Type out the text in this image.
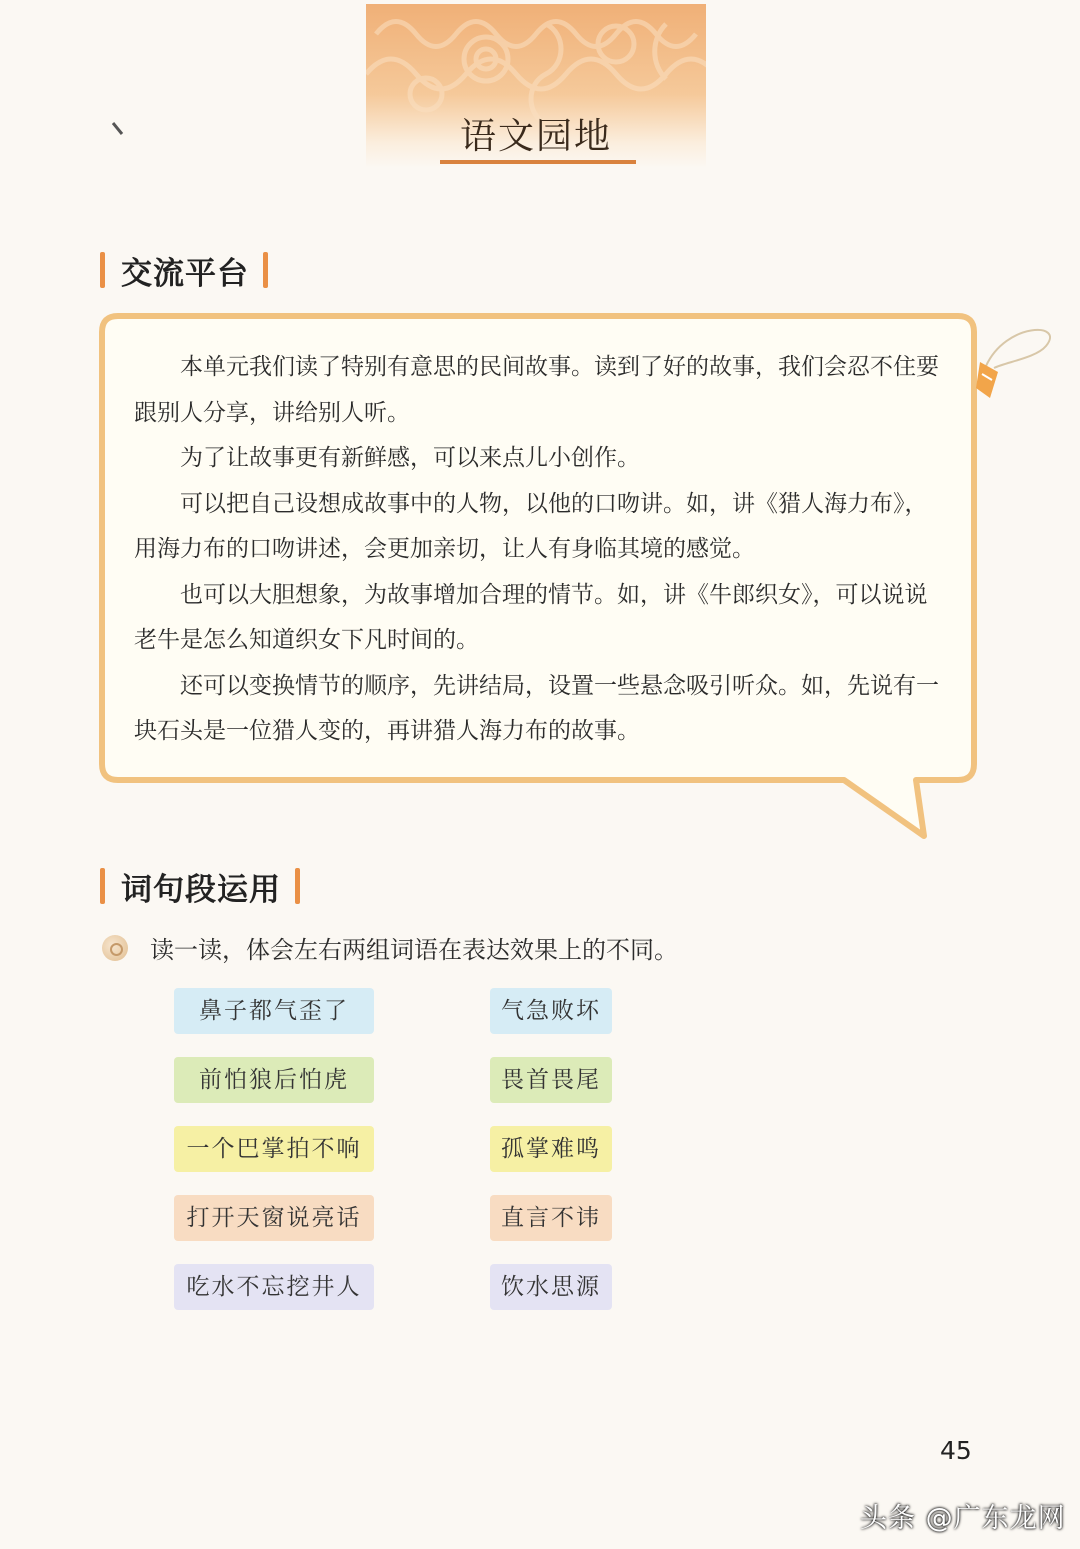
语文园地
交流平台

本单元我们读了特别有意思的民间故事。读到了好的故事，我们会忍不住要跟别人分享，讲给别人听。

为了让故事更有新鲜感，可以来点儿小创作。

可以把自己设想成故事中的人物，以他的口吻讲。如，讲《猎人海力布》，用海力布的口吻讲述，会更加亲切，让人有身临其境的感觉。

也可以大胆想象，为故事增加合理的情节。如，讲《牛郎织女》，可以说说老牛是怎么知道织女下凡时间的。

还可以变换情节的顺序，先讲结局，设置一些悬念吸引听众。如，先说有一块石头是一位猎人变的，再讲猎人海力布的故事。

词句段运用
读一读，体会左右两组词语在表达效果上的不同。
鼻子都气歪了	气急败坏
前怕狼后怕虎	畏首畏尾
一个巴掌拍不响	孤掌难鸣
打开天窗说亮话	直言不讳
吃水不忘挖井人	饮水思源
45
头条 @广东龙网
